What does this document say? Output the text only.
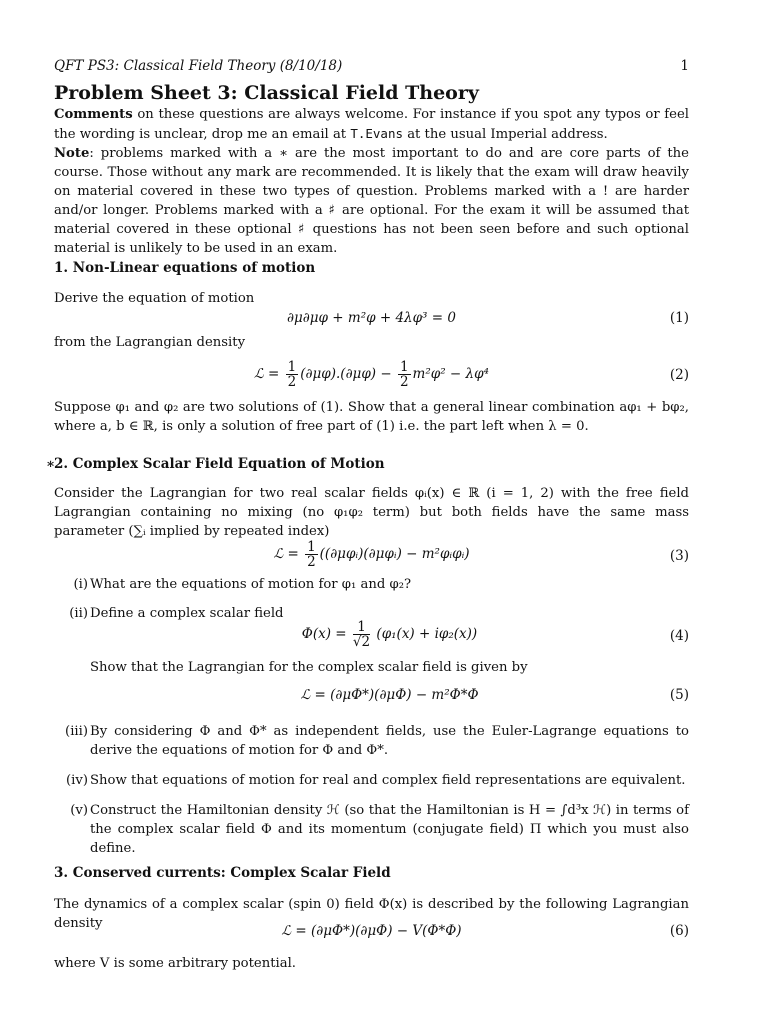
QFT PS3: Classical Field Theory (8/10/18)	1
Problem Sheet 3: Classical Field Theory
Comments on these questions are always welcome. For instance if you spot any typos or feel the wording is unclear, drop me an email at T.Evans at the usual Imperial address.
Note: problems marked with a ∗ are the most important to do and are core parts of the course. Those without any mark are recommended. It is likely that the exam will draw heavily on material covered in these two types of question. Problems marked with a ! are harder and/or longer. Problems marked with a ♯ are optional. For the exam it will be assumed that material covered in these optional ♯ questions has not been seen before and such optional material is unlikely to be used in an exam.
1. Non-Linear equations of motion
Derive the equation of motion
∂μ∂μφ + m²φ + 4λφ³ = 0	(1)
from the Lagrangian density
ℒ = $\frac{1}{2} (\partial\mu\varphi).(\partial\mu\varphi) - \frac{1}{2} m^2\varphi^2 - \lambda\varphi^4$	(2)
Suppose φ₁ and φ₂ are two solutions of (1). Show that a general linear combination aφ₁ + bφ₂, where a, b ∈ ℝ, is only a solution of free part of (1) i.e. the part left when λ = 0.
∗
2. Complex Scalar Field Equation of Motion
Consider the Lagrangian for two real scalar fields φᵢ(x) ∈ ℝ (i = 1, 2) with the free field Lagrangian containing no mixing (no φ₁φ₂ term) but both fields have the same mass parameter (∑ᵢ implied by repeated index)
ℒ = $\frac{1}{2}$ ((∂μφᵢ)(∂μφᵢ) − m²φᵢφᵢ)	(3)
(i) What are the equations of motion for φ₁ and φ₂?
(ii) Define a complex scalar field
$\Phi(x) = \frac{1}{√2} (\varphi_1(x) + i\varphi_2(x))$	(4)
Show that the Lagrangian for the complex scalar field is given by
ℒ = (∂μΦ*)(∂μΦ) − m²Φ*Φ	(5)
(iii) By considering Φ and Φ* as independent fields, use the Euler-Lagrange equations to derive the equations of motion for Φ and Φ*.
(iv) Show that equations of motion for real and complex field representations are equivalent.
(v) Construct the Hamiltonian density ℋ (so that the Hamiltonian is H = ∫d³x ℋ) in terms of the complex scalar field Φ and its momentum (conjugate field) Π which you must also define.
3. Conserved currents: Complex Scalar Field
The dynamics of a complex scalar (spin 0) field Φ(x) is described by the following Lagrangian density	ℒ = (∂μΦ*)(∂μΦ) − V(Φ*Φ)	(6)
where V is some arbitrary potential.
